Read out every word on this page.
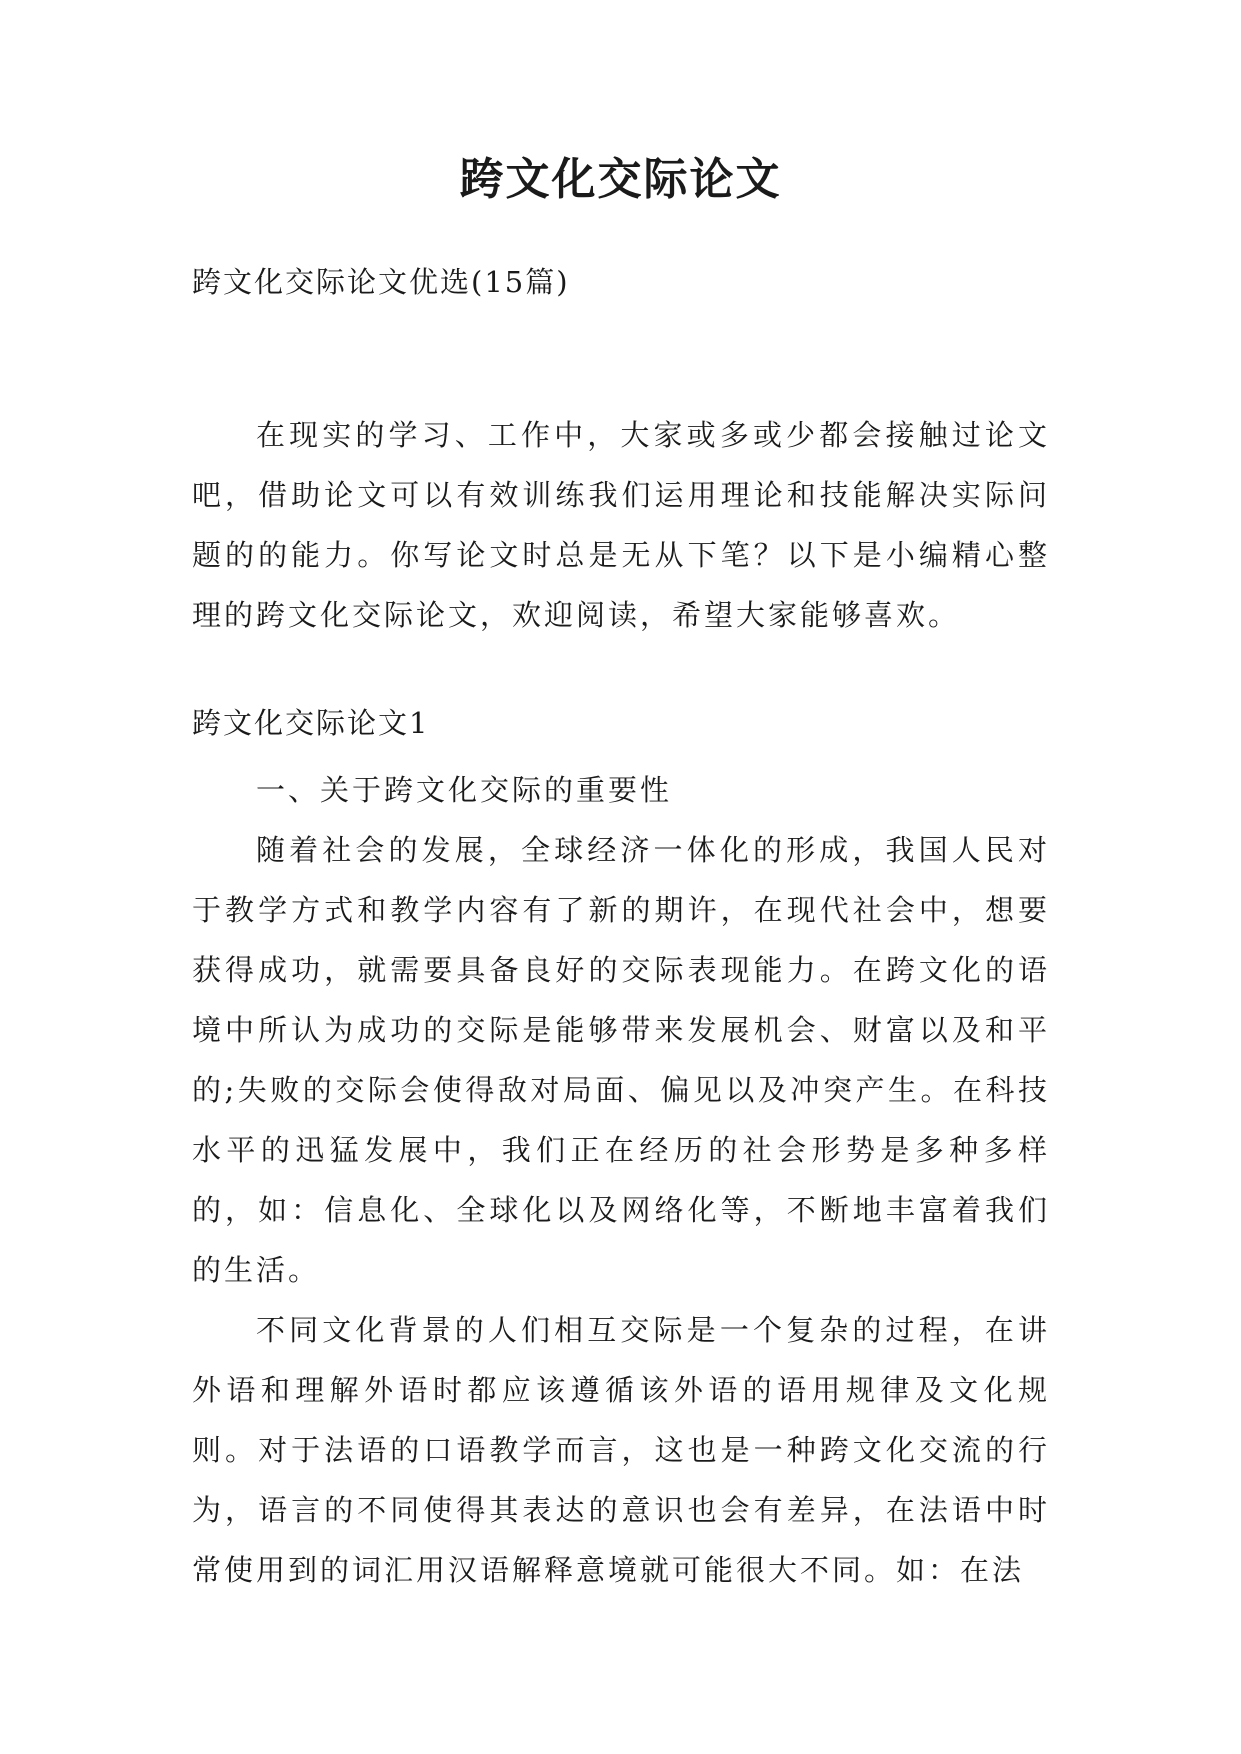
跨文化交际论文

跨文化交际论文优选(15篇)

在现实的学习、工作中，大家或多或少都会接触过论文吧，借助论文可以有效训练我们运用理论和技能解决实际问题的的能力。你写论文时总是无从下笔？以下是小编精心整理的跨文化交际论文，欢迎阅读，希望大家能够喜欢。

跨文化交际论文1

一、关于跨文化交际的重要性

随着社会的发展，全球经济一体化的形成，我国人民对于教学方式和教学内容有了新的期许，在现代社会中，想要获得成功，就需要具备良好的交际表现能力。在跨文化的语境中所认为成功的交际是能够带来发展机会、财富以及和平的;失败的交际会使得敌对局面、偏见以及冲突产生。在科技水平的迅猛发展中，我们正在经历的社会形势是多种多样的，如：信息化、全球化以及网络化等，不断地丰富着我们的生活。

不同文化背景的人们相互交际是一个复杂的过程，在讲外语和理解外语时都应该遵循该外语的语用规律及文化规则。对于法语的口语教学而言，这也是一种跨文化交流的行为，语言的不同使得其表达的意识也会有差异，在法语中时常使用到的词汇用汉语解释意境就可能很大不同。如：在法
